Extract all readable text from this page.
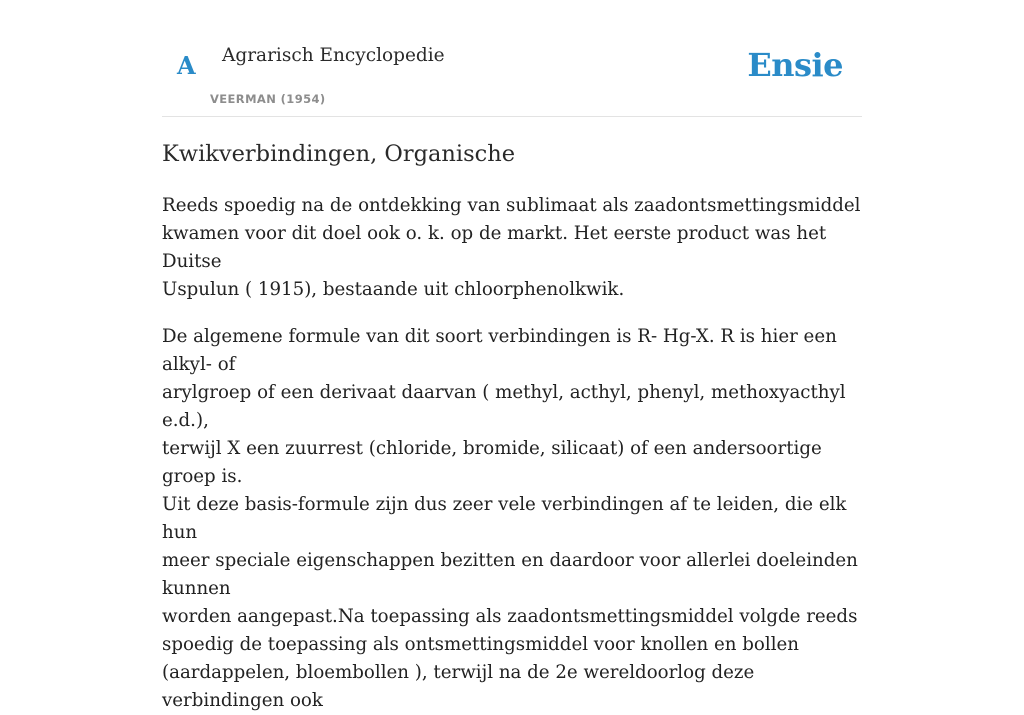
A Agrarisch Encyclopedie
VEERMAN (1954)
Ensie
Kwikverbindingen, Organische

Reeds spoedig na de ontdekking van sublimaat als zaadontsmettingsmiddel
kwamen voor dit doel ook o. k. op de markt. Het eerste product was het Duitse
Uspulun ( 1915), bestaande uit chloorphenolkwik.

De algemene formule van dit soort verbindingen is R- Hg-X. R is hier een alkyl- of
arylgroep of een derivaat daarvan ( methyl, acthyl, phenyl, methoxyacthyl e.d.),
terwijl X een zuurrest (chloride, bromide, silicaat) of een andersoortige groep is.
Uit deze basis-formule zijn dus zeer vele verbindingen af te leiden, die elk hun
meer speciale eigenschappen bezitten en daardoor voor allerlei doeleinden kunnen
worden aangepast.Na toepassing als zaadontsmettingsmiddel volgde reeds
spoedig de toepassing als ontsmettingsmiddel voor knollen en bollen
(aardappelen, bloembollen ), terwijl na de 2e wereldoorlog deze verbindingen ook
